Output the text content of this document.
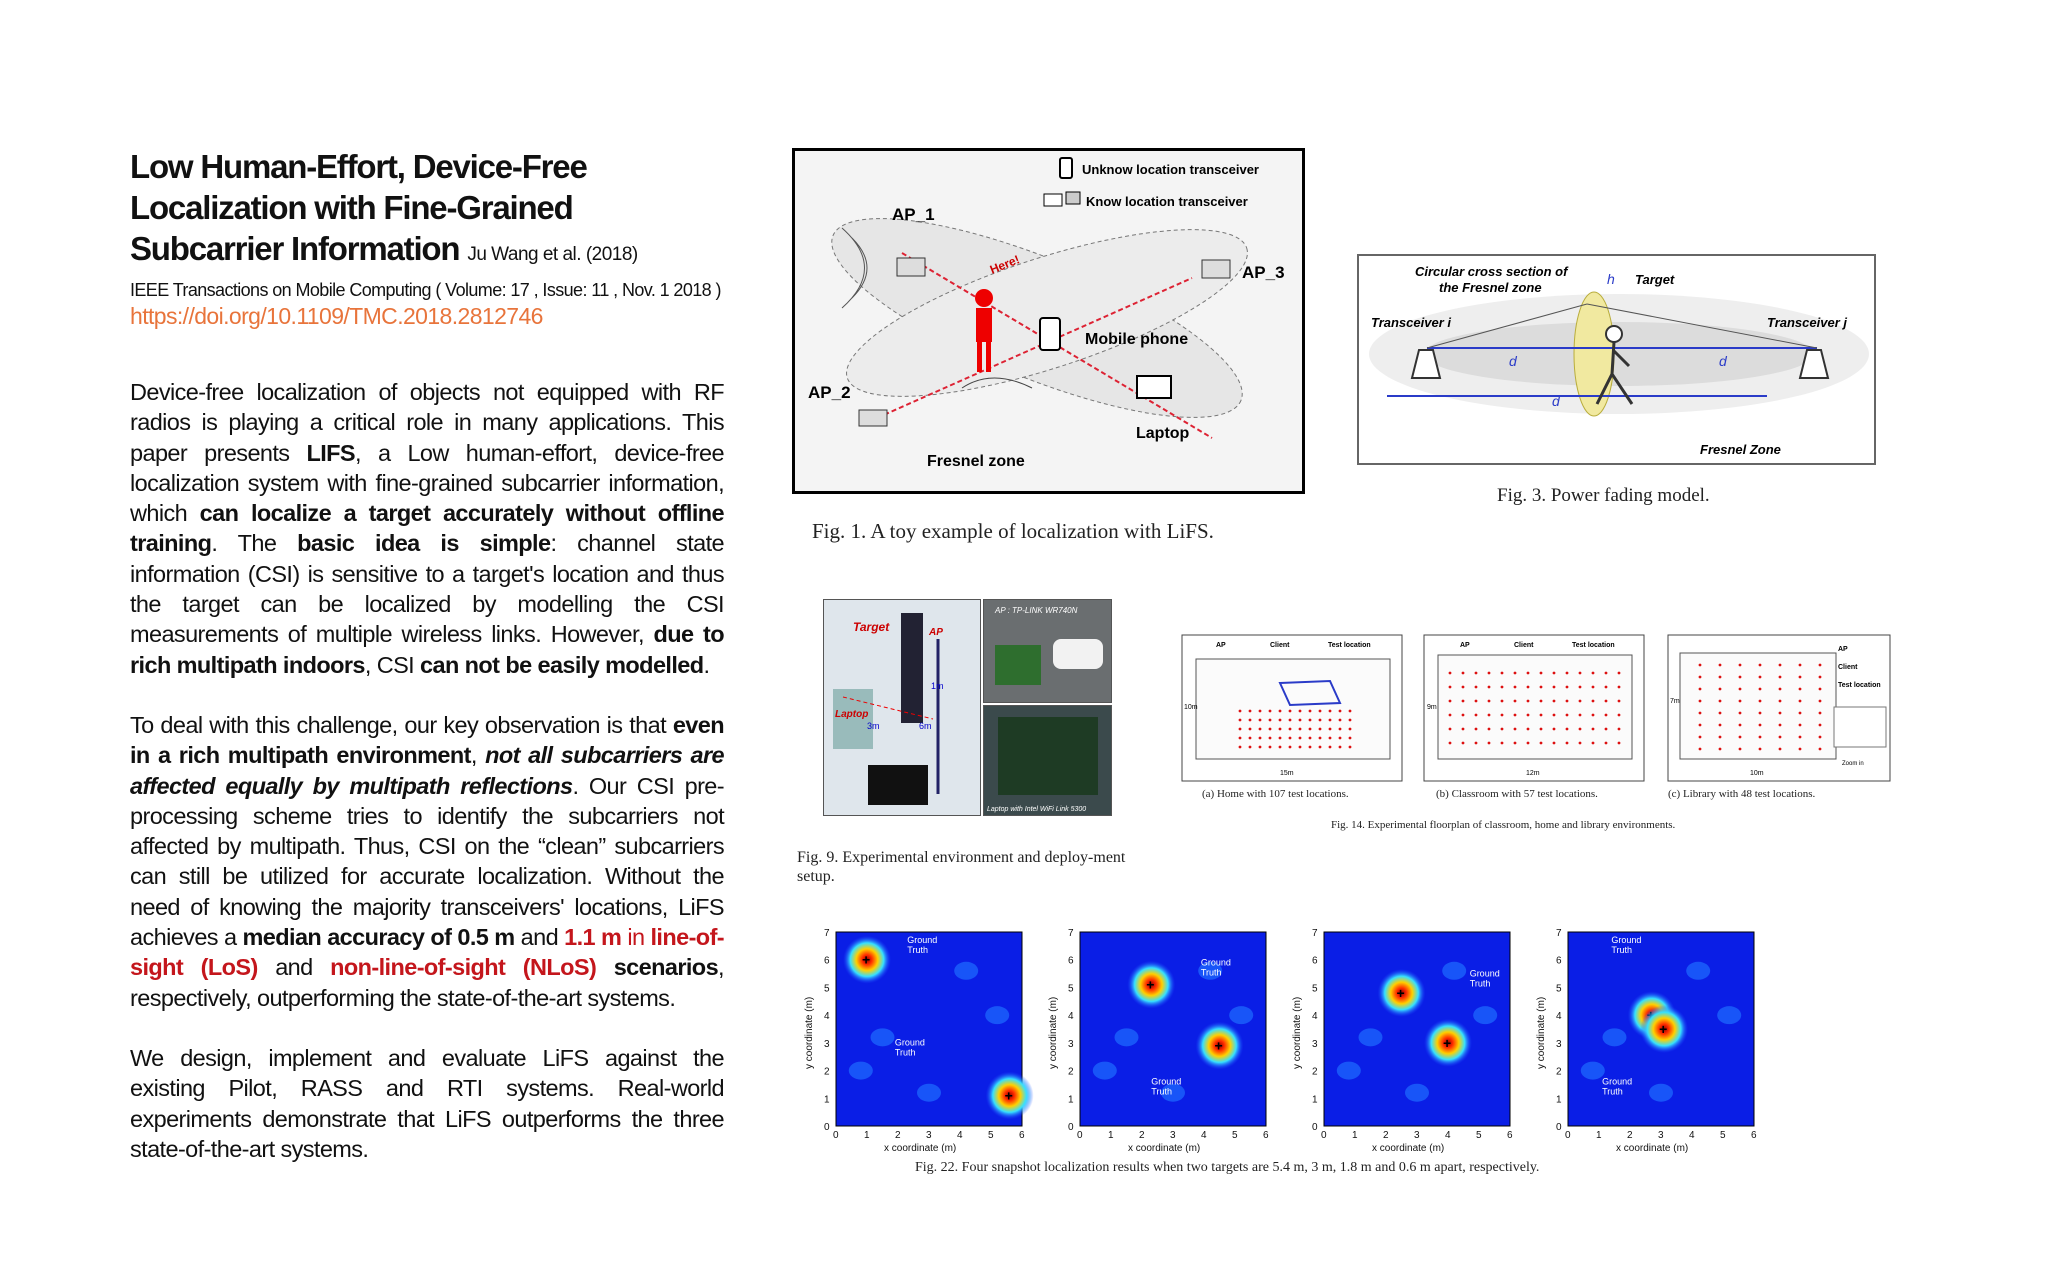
Low Human-Effort, Device-Free Localization with Fine-Grained Subcarrier Information Ju Wang et al. (2018)
IEEE Transactions on Mobile Computing ( Volume: 17 , Issue: 11 , Nov. 1 2018 ) https://doi.org/10.1109/TMC.2018.2812746

Device-free localization of objects not equipped with RF radios is playing a critical role in many applications. This paper presents LIFS, a Low human-effort, device-free localization system with fine-grained subcarrier information, which can localize a target accurately without offline training. The basic idea is simple: channel state information (CSI) is sensitive to a target's location and thus the target can be localized by modelling the CSI measurements of multiple wireless links. However, due to rich multipath indoors, CSI can not be easily modelled.

To deal with this challenge, our key observation is that even in a rich multipath environment, not all subcarriers are affected equally by multipath reflections. Our CSI pre-processing scheme tries to identify the subcarriers not affected by multipath. Thus, CSI on the “clean” subcarriers can still be utilized for accurate localization. Without the need of knowing the majority transceivers' locations, LiFS achieves a median accuracy of 0.5 m and 1.1 m in line-of-sight (LoS) and non-line-of-sight (NLoS) scenarios, respectively, outperforming the state-of-the-art systems.

We design, implement and evaluate LiFS against the existing Pilot, RASS and RTI systems. Real-world experiments demonstrate that LiFS outperforms the three state-of-the-art systems.

Unknow location transceiver
Know location transceiver
AP_1
AP_2
AP_3
Here!
Mobile phone
Laptop
Fresnel zone
Fig. 1. A toy example of localization with LiFS.
Circular cross section of
the Fresnel zone
Target
Transceiver i	Transceiver j
Fresnel Zone
d	d
d
h
Fig. 3. Power fading model.
Target	AP
Laptop
1m
3m	6m
AP : TP-LINK WR740N
Laptop with Intel WiFi Link 5300
Fig. 9. Experimental environment and deploy-ment setup.
AP	Client	Test location
15m
10m
AP	Client	Test location
12m
9m
AP
Client
Test location
Zoom in
10m
7m
(a) Home with 107 test locations.	(b) Classroom with 57 test locations.	(c) Library with 48 test locations.
Fig. 14. Experimental floorplan of classroom, home and library environments.
+
+
Ground
Truth
Ground
Truth
0	1	2	3	4	5	6
0
1
2
3
4
5
6
7
x coordinate (m)
y coordinate (m)
+
+
Ground
Truth
Ground
Truth
0	1	2	3	4	5	6
0
1
2
3
4
5
6
7
x coordinate (m)
y coordinate (m)
+
+
Ground
Truth
0	1	2	3	4	5	6
0
1
2
3
4
5
6
7
x coordinate (m)
y coordinate (m)	+
Ground
Truth
Ground
Truth
0	1	2	3	4	5	6
0
1
2
3
4
5
6
7
x coordinate (m)
y coordinate (m)
Fig. 22. Four snapshot localization results when two targets are 5.4 m, 3 m, 1.8 m and 0.6 m apart, respectively.
